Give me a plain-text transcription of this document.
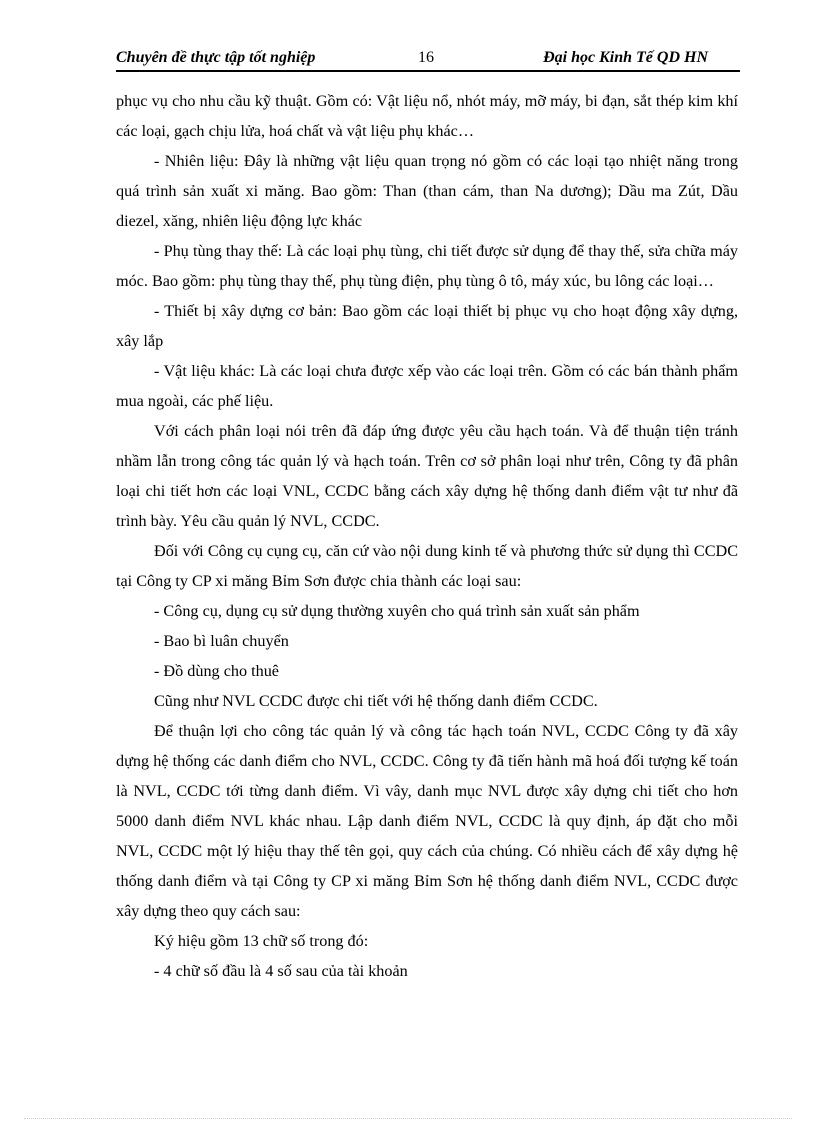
Chuyên đề thực tập tốt nghiệp	16	Đại học Kinh Tế QD HN

phục vụ cho nhu cầu kỹ thuật. Gồm có: Vật liệu nổ, nhót máy, mỡ máy, bi đạn, sắt thép kim khí các loại, gạch chịu lửa, hoá chất và vật liệu phụ khác…

- Nhiên liệu: Đây là những vật liệu quan trọng nó gồm có các loại tạo nhiệt năng trong quá trình sản xuất xi măng. Bao gồm: Than (than cám, than Na dương); Dầu ma Zút, Dầu diezel, xăng, nhiên liệu động lực khác

- Phụ tùng thay thế: Là các loại phụ tùng, chi tiết được sử dụng để thay thế, sửa chữa máy móc. Bao gồm: phụ tùng thay thế, phụ tùng điện, phụ tùng ô tô, máy xúc, bu lông các loại…

- Thiết bị xây dựng cơ bản: Bao gồm các loại thiết bị phục vụ cho hoạt động xây dựng, xây lắp

- Vật liệu khác: Là các loại chưa được xếp vào các loại trên. Gồm có các bán thành phẩm mua ngoài, các phế liệu.

Với cách phân loại nói trên đã đáp ứng được yêu cầu hạch toán. Và để thuận tiện tránh nhầm lẫn trong công tác quản lý và hạch toán. Trên cơ sở phân loại như trên, Công ty đã phân loại chi tiết hơn các loại VNL, CCDC bằng cách xây dựng hệ thống danh điểm vật tư như đã trình bày. Yêu cầu quản lý NVL, CCDC.

Đối với Công cụ cụng cụ, căn cứ vào nội dung kinh tế và phương thức sử dụng thì CCDC tại Công ty CP xi măng Bỉm Sơn được chia thành các loại sau:

- Công cụ, dụng cụ sử dụng thường xuyên cho quá trình sản xuất sản phẩm

- Bao bì luân chuyển

- Đồ dùng cho thuê

Cũng như NVL CCDC được chi tiết với hệ thống danh điểm CCDC.

Để thuận lợi cho công tác quản lý và công tác hạch toán NVL, CCDC Công ty đã xây dựng hệ thống các danh điểm cho NVL, CCDC. Công ty đã tiến hành mã hoá đối tượng kế toán là NVL, CCDC tới từng danh điểm. Vì vây, danh mục NVL được xây dựng chi tiết cho hơn 5000 danh điểm NVL khác nhau. Lập danh điểm NVL, CCDC là quy định, áp đặt cho mỗi NVL, CCDC một lý hiệu thay thế tên gọi, quy cách của chúng. Có nhiều cách để xây dựng hệ thống danh điểm và tại Công ty CP xi măng Bỉm Sơn hệ thống danh điểm NVL, CCDC được xây dựng theo quy cách sau:

Ký hiệu gồm 13 chữ số trong đó:

- 4 chữ số đầu là 4 số sau của tài khoản
